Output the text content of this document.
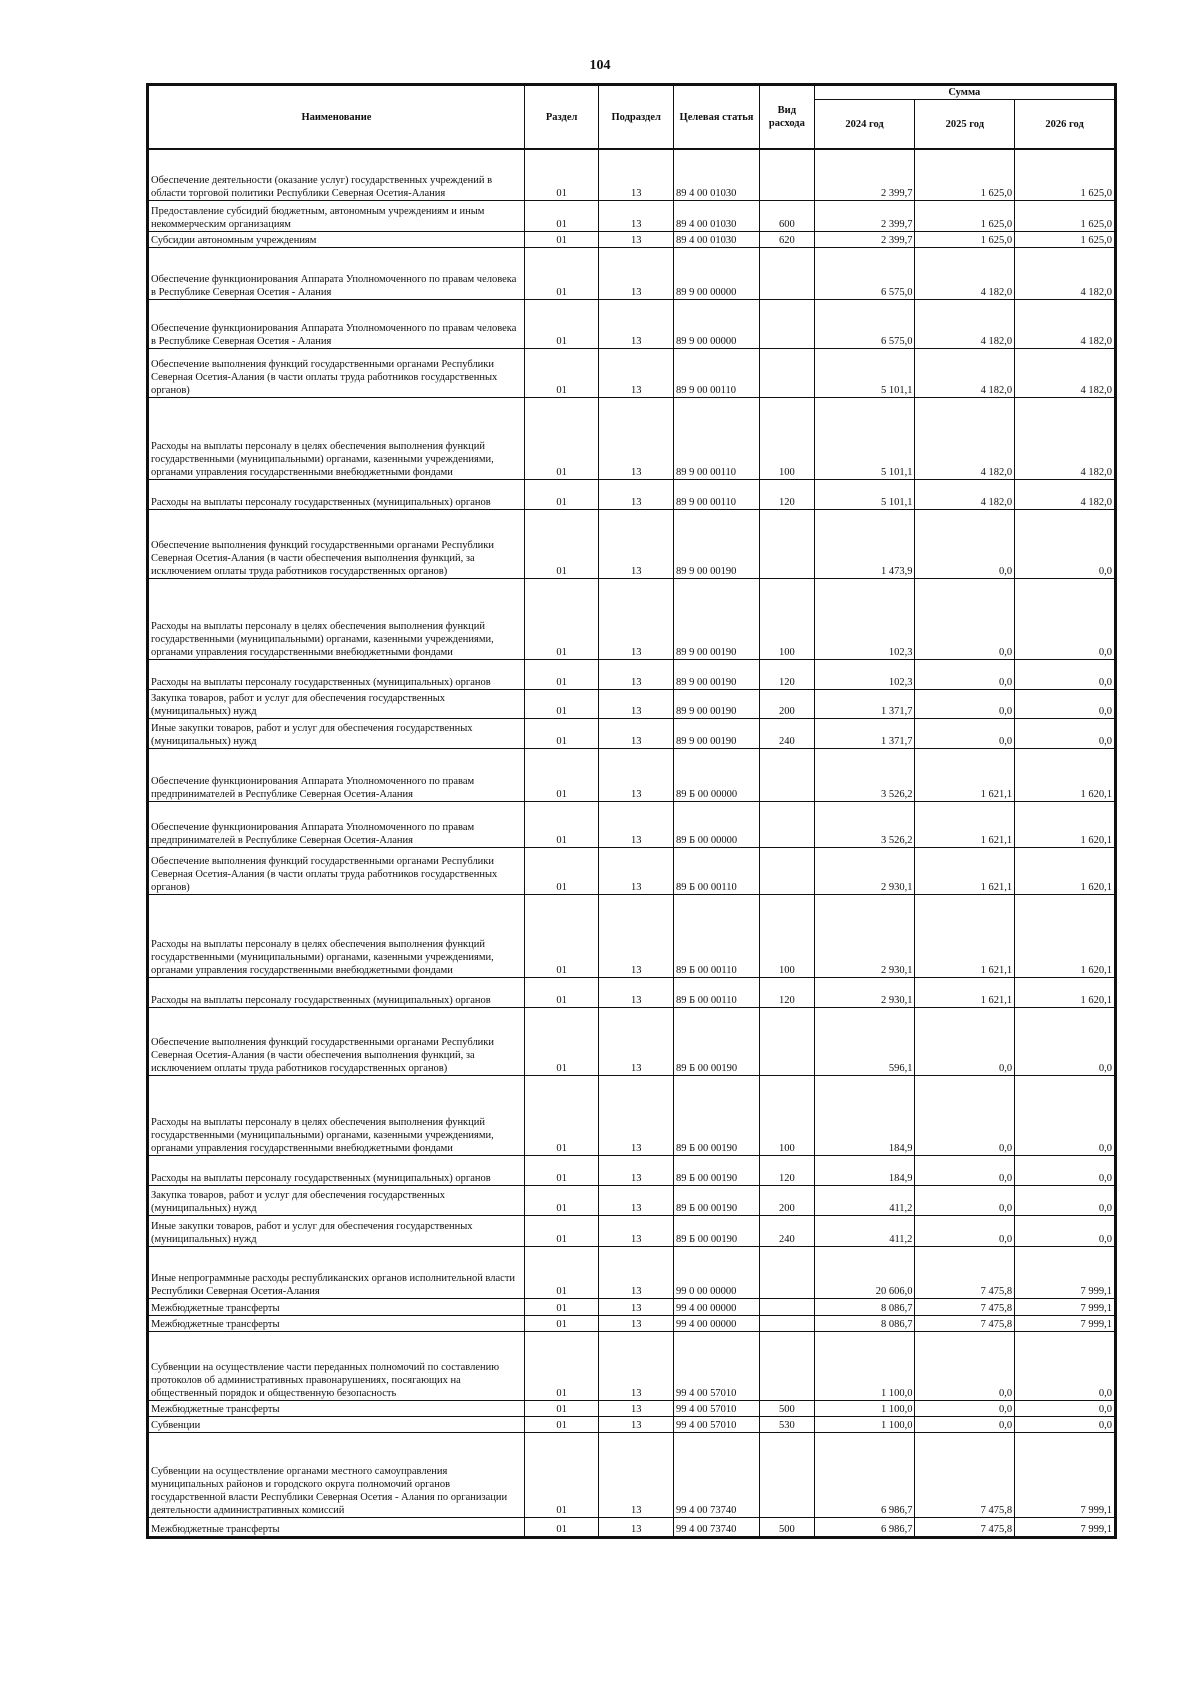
104
Наименование	Раздел	Подраздел	Целевая статья	Вид расхода	Сумма		
					2024 год	2025 год	2026 год
Обеспечение деятельности (оказание услуг) государственных учреждений в области торговой политики Республики Северная Осетия-Алания	01	13	89 4 00 01030		2 399,7	1 625,0	1 625,0
Предоставление субсидий бюджетным, автономным учреждениям и иным некоммерческим организациям	01	13	89 4 00 01030	600	2 399,7	1 625,0	1 625,0
Субсидии автономным учреждениям	01	13	89 4 00 01030	620	2 399,7	1 625,0	1 625,0
Обеспечение функционирования Аппарата Уполномоченного по правам человека в Республике Северная Осетия - Алания	01	13	89 9 00 00000		6 575,0	4 182,0	4 182,0
Обеспечение функционирования Аппарата Уполномоченного по правам человека в Республике Северная Осетия - Алания	01	13	89 9 00 00000		6 575,0	4 182,0	4 182,0
Обеспечение выполнения функций государственными органами Республики Северная Осетия-Алания (в части оплаты труда работников государственных органов)	01	13	89 9 00 00110		5 101,1	4 182,0	4 182,0
Расходы на выплаты персоналу в целях обеспечения выполнения функций государственными (муниципальными) органами, казенными учреждениями, органами управления государственными внебюджетными фондами	01	13	89 9 00 00110	100	5 101,1	4 182,0	4 182,0
Расходы на выплаты персоналу государственных (муниципальных) органов	01	13	89 9 00 00110	120	5 101,1	4 182,0	4 182,0
Обеспечение выполнения функций государственными органами Республики Северная Осетия-Алания (в части обеспечения выполнения функций, за исключением оплаты труда работников государственных органов)	01	13	89 9 00 00190		1 473,9	0,0	0,0
Расходы на выплаты персоналу в целях обеспечения выполнения функций государственными (муниципальными) органами, казенными учреждениями, органами управления государственными внебюджетными фондами	01	13	89 9 00 00190	100	102,3	0,0	0,0
Расходы на выплаты персоналу государственных (муниципальных) органов	01	13	89 9 00 00190	120	102,3	0,0	0,0
Закупка товаров, работ и услуг для обеспечения государственных (муниципальных) нужд	01	13	89 9 00 00190	200	1 371,7	0,0	0,0
Иные закупки товаров, работ и услуг для обеспечения государственных (муниципальных) нужд	01	13	89 9 00 00190	240	1 371,7	0,0	0,0
Обеспечение функционирования Аппарата Уполномоченного по правам предпринимателей в Республике Северная Осетия-Алания	01	13	89 Б 00 00000		3 526,2	1 621,1	1 620,1
Обеспечение функционирования Аппарата Уполномоченного по правам предпринимателей в Республике Северная Осетия-Алания	01	13	89 Б 00 00000		3 526,2	1 621,1	1 620,1
Обеспечение выполнения функций государственными органами Республики Северная Осетия-Алания (в части оплаты труда работников государственных органов)	01	13	89 Б 00 00110		2 930,1	1 621,1	1 620,1
Расходы на выплаты персоналу в целях обеспечения выполнения функций государственными (муниципальными) органами, казенными учреждениями, органами управления государственными внебюджетными фондами	01	13	89 Б 00 00110	100	2 930,1	1 621,1	1 620,1
Расходы на выплаты персоналу государственных (муниципальных) органов	01	13	89 Б 00 00110	120	2 930,1	1 621,1	1 620,1
Обеспечение выполнения функций государственными органами Республики Северная Осетия-Алания (в части обеспечения выполнения функций, за исключением оплаты труда работников государственных органов)	01	13	89 Б 00 00190		596,1	0,0	0,0
Расходы на выплаты персоналу в целях обеспечения выполнения функций государственными (муниципальными) органами, казенными учреждениями, органами управления государственными внебюджетными фондами	01	13	89 Б 00 00190	100	184,9	0,0	0,0
Расходы на выплаты персоналу государственных (муниципальных) органов	01	13	89 Б 00 00190	120	184,9	0,0	0,0
Закупка товаров, работ и услуг для обеспечения государственных (муниципальных) нужд	01	13	89 Б 00 00190	200	411,2	0,0	0,0
Иные закупки товаров, работ и услуг для обеспечения государственных (муниципальных) нужд	01	13	89 Б 00 00190	240	411,2	0,0	0,0
Иные непрограммные расходы республиканских органов исполнительной власти Республики Северная Осетия-Алания	01	13	99 0 00 00000		20 606,0	7 475,8	7 999,1
Межбюджетные трансферты	01	13	99 4 00 00000		8 086,7	7 475,8	7 999,1
Межбюджетные трансферты	01	13	99 4 00 00000		8 086,7	7 475,8	7 999,1
Субвенции на осуществление части переданных полномочий по составлению протоколов об административных правонарушениях, посягающих на общественный порядок и общественную безопасность	01	13	99 4 00 57010		1 100,0	0,0	0,0
Межбюджетные трансферты	01	13	99 4 00 57010	500	1 100,0	0,0	0,0
Субвенции	01	13	99 4 00 57010	530	1 100,0	0,0	0,0
Субвенции на осуществление органами местного самоуправления муниципальных районов и городского округа полномочий органов государственной власти Республики Северная Осетия - Алания по организации деятельности административных комиссий	01	13	99 4 00 73740		6 986,7	7 475,8	7 999,1
Межбюджетные трансферты	01	13	99 4 00 73740	500	6 986,7	7 475,8	7 999,1
